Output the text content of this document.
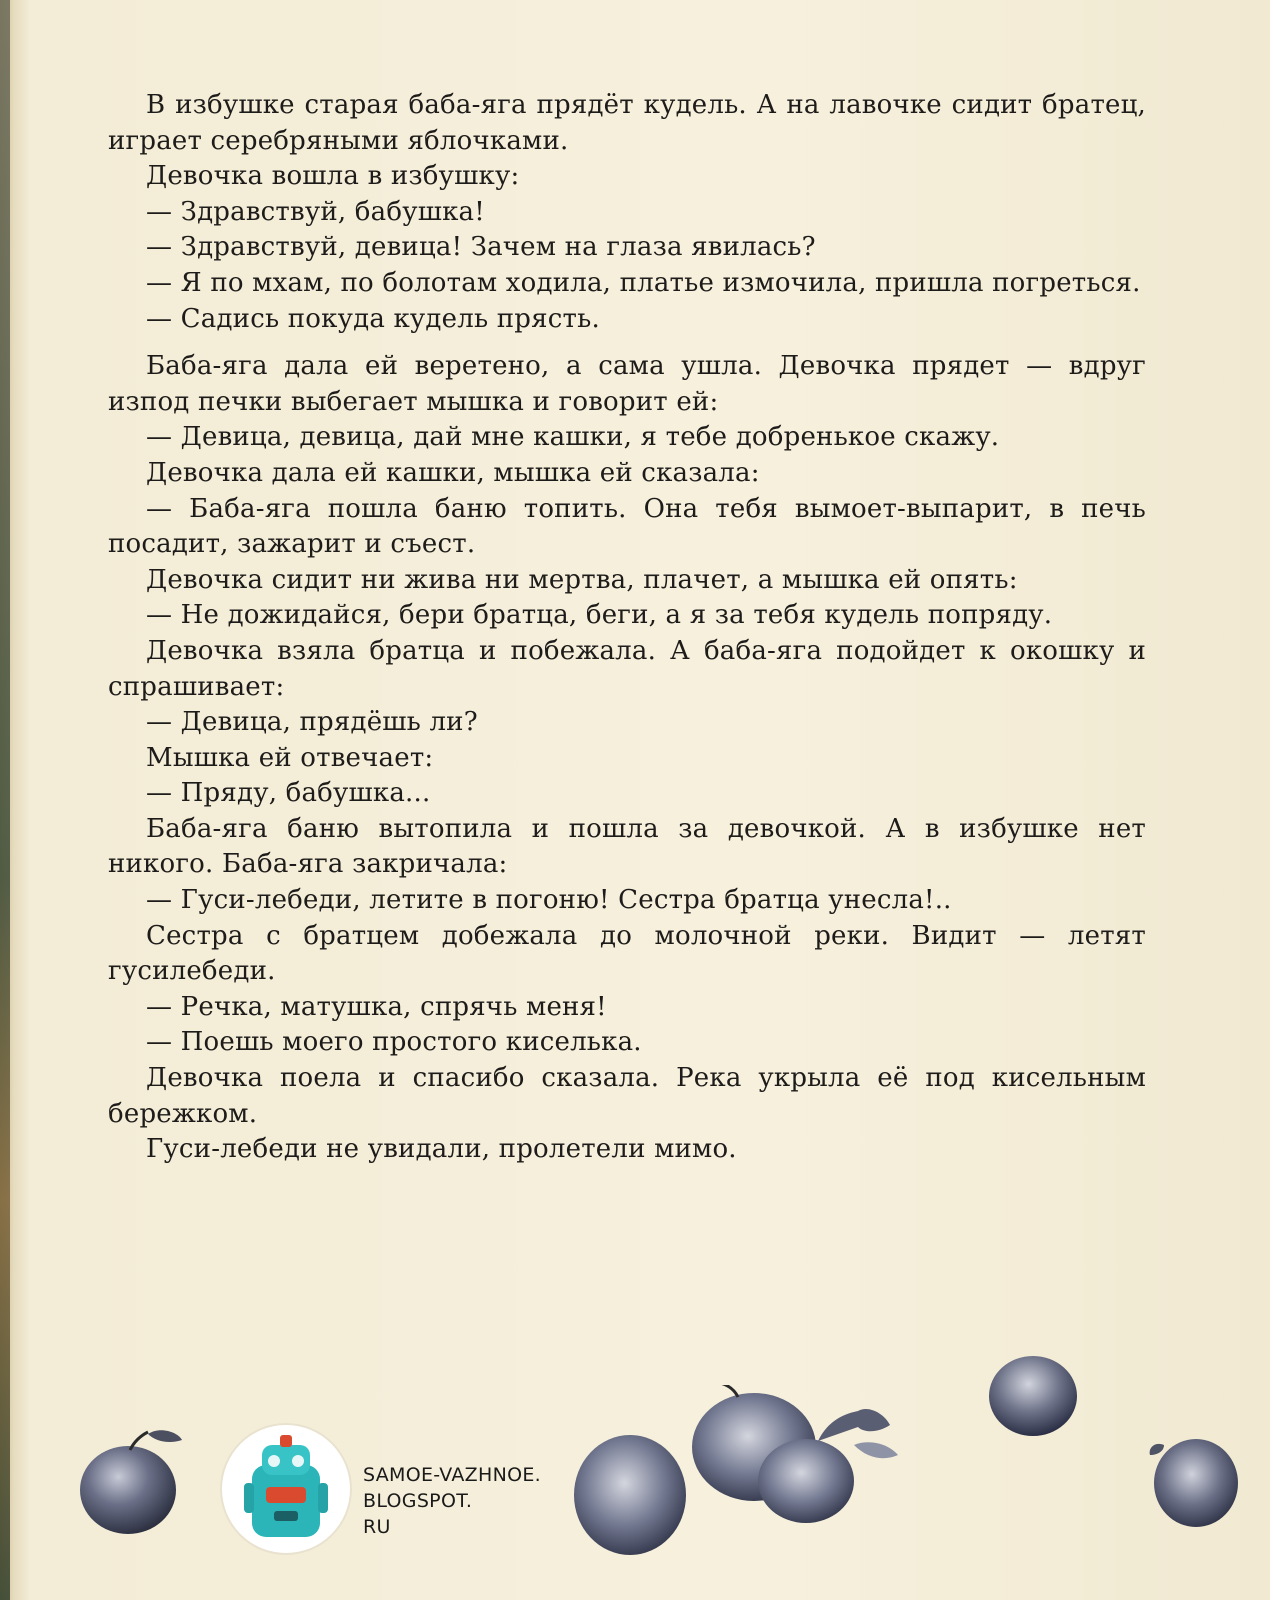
В избушке старая баба-яга прядёт кудель. А на лавочке сидит братец, играет серебряными яблочками.

Девочка вошла в избушку:

— Здравствуй, бабушка!

— Здравствуй, девица! Зачем на глаза явилась?

— Я по мхам, по болотам ходила, платье измочила, пришла погреться.

— Садись покуда кудель прясть.

Баба-яга дала ей веретено, а сама ушла. Девочка прядет — вдруг изпод печки выбегает мышка и говорит ей:

— Девица, девица, дай мне кашки, я тебе добренькое скажу.

Девочка дала ей кашки, мышка ей сказала:

— Баба-яга пошла баню топить. Она тебя вымоет-выпарит, в печь посадит, зажарит и съест.

Девочка сидит ни жива ни мертва, плачет, а мышка ей опять:

— Не дожидайся, бери братца, беги, а я за тебя кудель попряду.

Девочка взяла братца и побежала. А баба-яга подойдет к окошку и спрашивает:

— Девица, прядёшь ли?

Мышка ей отвечает:

— Пряду, бабушка...

Баба-яга баню вытопила и пошла за девочкой. А в избушке нет никого. Баба-яга закричала:

— Гуси-лебеди, летите в погоню! Сестра братца унесла!..

Сестра с братцем добежала до молочной реки. Видит — летят гусилебеди.

— Речка, матушка, спрячь меня!

— Поешь моего простого киселька.

Девочка поела и спасибо сказала. Река укрыла её под кисельным бережком.

Гуси-лебеди не увидали, пролетели мимо.

SAMOE-VAZHNOE.
BLOGSPOT.
RU
